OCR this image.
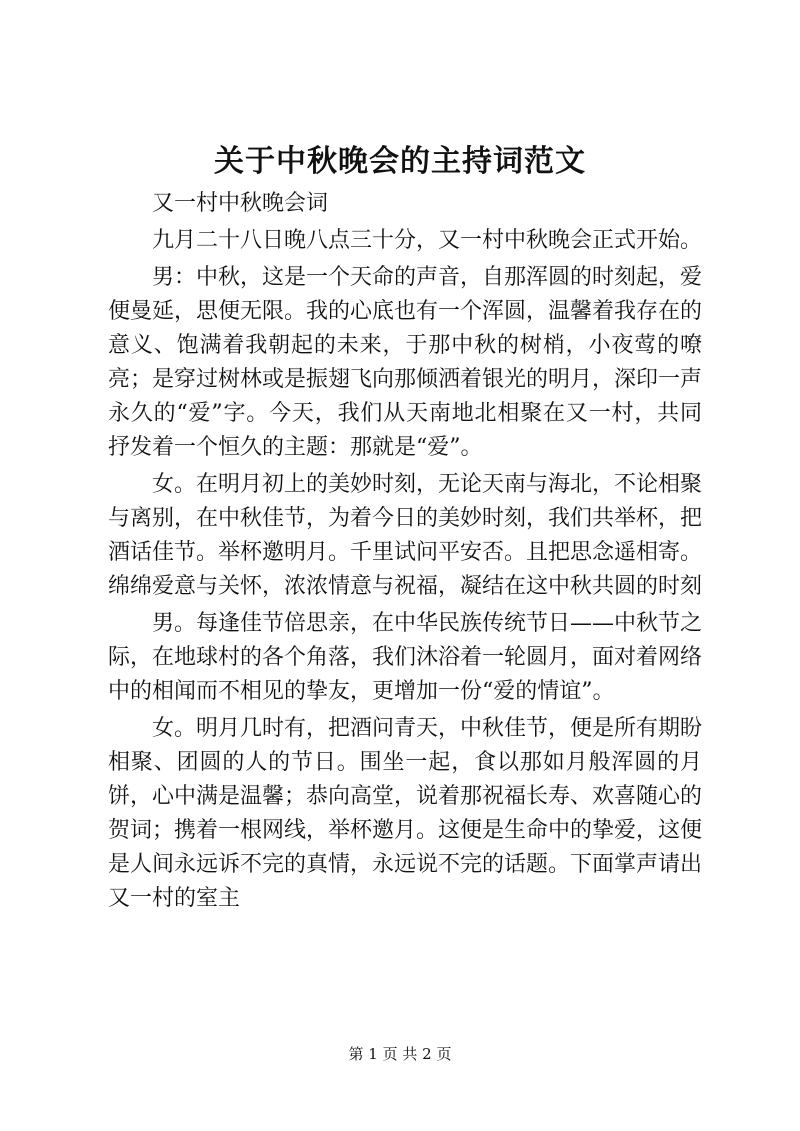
关于中秋晚会的主持词范文

又一村中秋晚会词

九月二十八日晚八点三十分，又一村中秋晚会正式开始。

男：中秋，这是一个天命的声音，自那浑圆的时刻起，爱便曼延，思便无限。我的心底也有一个浑圆，温馨着我存在的意义、饱满着我朝起的未来，于那中秋的树梢，小夜莺的嘹亮；是穿过树林或是振翅飞向那倾洒着银光的明月，深印一声永久的“爱”字。今天，我们从天南地北相聚在又一村，共同抒发着一个恒久的主题：那就是“爱”。

女。在明月初上的美妙时刻，无论天南与海北，不论相聚与离别，在中秋佳节，为着今日的美妙时刻，我们共举杯，把酒话佳节。举杯邀明月。千里试问平安否。且把思念遥相寄。绵绵爱意与关怀，浓浓情意与祝福，凝结在这中秋共圆的时刻

男。每逢佳节倍思亲，在中华民族传统节日——中秋节之际，在地球村的各个角落，我们沐浴着一轮圆月，面对着网络中的相闻而不相见的挚友，更增加一份“爱的情谊”。

女。明月几时有，把酒问青天，中秋佳节，便是所有期盼相聚、团圆的人的节日。围坐一起，食以那如月般浑圆的月饼，心中满是温馨；恭向高堂，说着那祝福长寿、欢喜随心的贺词；携着一根网线，举杯邀月。这便是生命中的挚爱，这便是人间永远诉不完的真情，永远说不完的话题。下面掌声请出又一村的室主

第 1 页 共 2 页
